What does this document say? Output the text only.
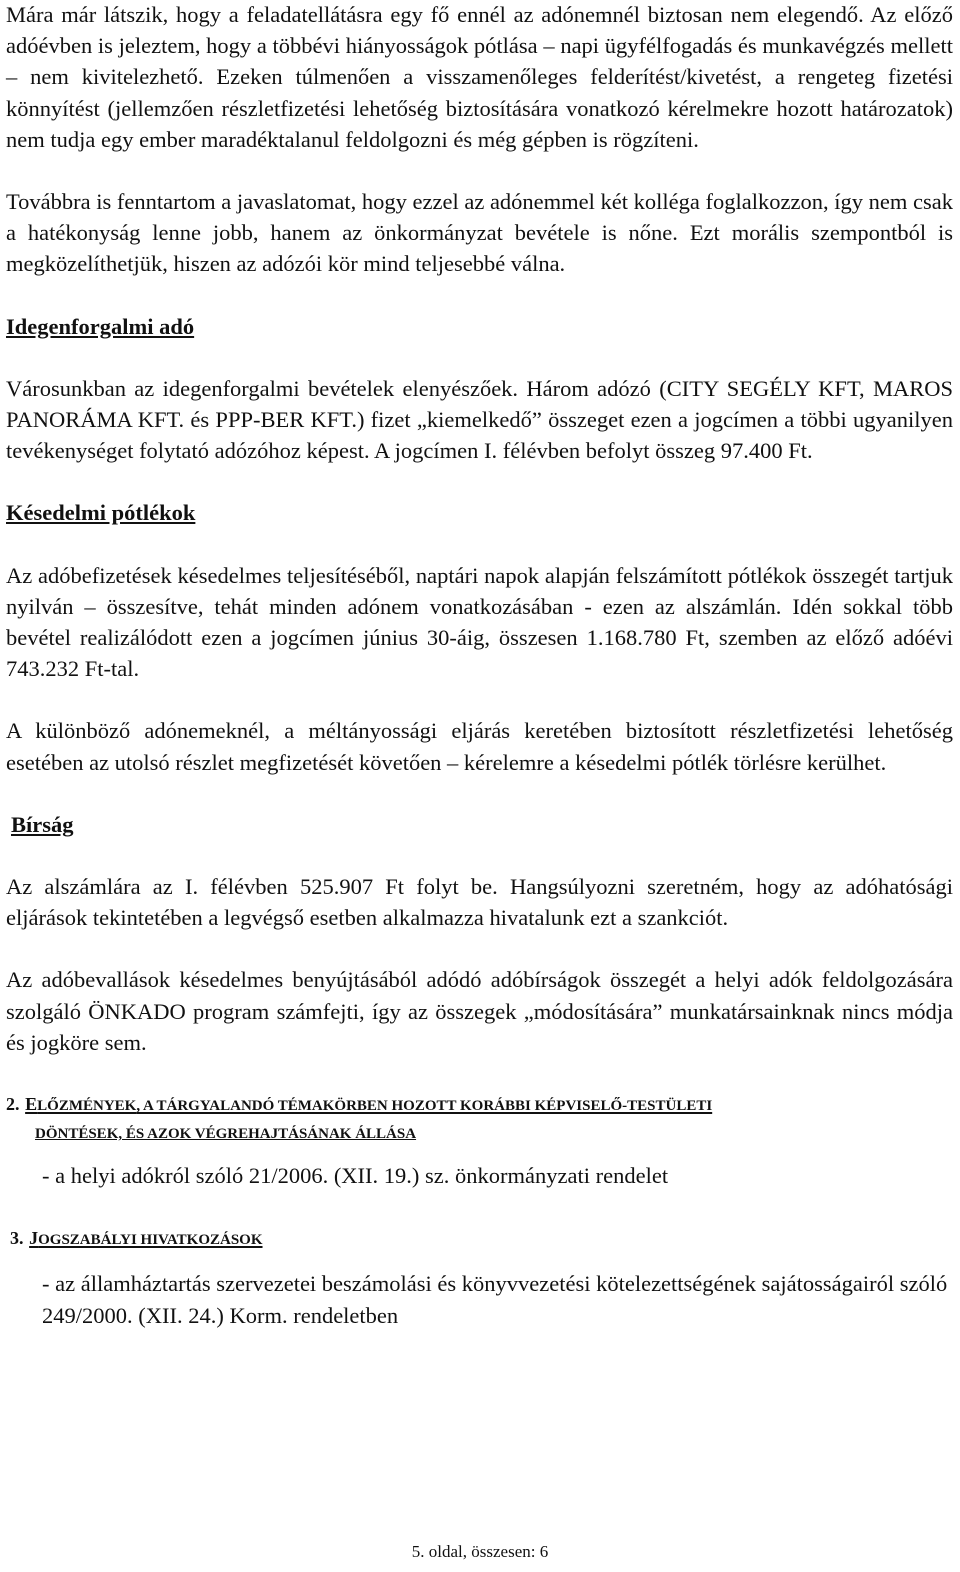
Mára már látszik, hogy a feladatellátásra egy fő ennél az adónemnél biztosan nem elegendő. Az előző adóévben is jeleztem, hogy a többévi hiányosságok pótlása – napi ügyfélfogadás és munkavégzés mellett – nem kivitelezhető. Ezeken túlmenően a visszamenőleges felderítést/kivetést, a rengeteg fizetési könnyítést (jellemzően részletfizetési lehetőség biztosítására vonatkozó kérelmekre hozott határozatok) nem tudja egy ember maradéktalanul feldolgozni és még gépben is rögzíteni.

Továbbra is fenntartom a javaslatomat, hogy ezzel az adónemmel két kolléga foglalkozzon, így nem csak a hatékonyság lenne jobb, hanem az önkormányzat bevétele is nőne. Ezt morális szempontból is megközelíthetjük, hiszen az adózói kör mind teljesebbé válna.

Idegenforgalmi adó

Városunkban az idegenforgalmi bevételek elenyészőek. Három adózó (CITY SEGÉLY KFT, MAROS PANORÁMA KFT. és PPP-BER KFT.) fizet „kiemelkedő” összeget ezen a jogcímen a többi ugyanilyen tevékenységet folytató adózóhoz képest. A jogcímen I. félévben befolyt összeg 97.400 Ft.

Késedelmi pótlékok

Az adóbefizetések késedelmes teljesítéséből, naptári napok alapján felszámított pótlékok összegét tartjuk nyilván – összesítve, tehát minden adónem vonatkozásában - ezen az alszámlán. Idén sokkal több bevétel realizálódott ezen a jogcímen június 30-áig, összesen 1.168.780 Ft, szemben az előző adóévi 743.232 Ft-tal.

A különböző adónemeknél, a méltányossági eljárás keretében biztosított részletfizetési lehetőség esetében az utolsó részlet megfizetését követően – kérelemre a késedelmi pótlék törlésre kerülhet.

Bírság

Az alszámlára az I. félévben 525.907 Ft folyt be. Hangsúlyozni szeretném, hogy az adóhatósági eljárások tekintetében a legvégső esetben alkalmazza hivatalunk ezt a szankciót.

Az adóbevallások késedelmes benyújtásából adódó adóbírságok összegét a helyi adók feldolgozására szolgáló ÖNKADO program számfejti, így az összegek „módosítására” munkatársainknak nincs módja és jogköre sem.

2. ELŐZMÉNYEK, A TÁRGYALANDÓ TÉMAKÖRBEN HOZOTT KORÁBBI KÉPVISELŐ-TESTÜLETI
DÖNTÉSEK, ÉS AZOK VÉGREHAJTÁSÁNAK ÁLLÁSA

- a helyi adókról szóló 21/2006. (XII. 19.) sz. önkormányzati rendelet

3. JOGSZABÁLYI HIVATKOZÁSOK

- az államháztartás szervezetei beszámolási és könyvvezetési kötelezettségének sajátosságairól szóló 249/2000. (XII. 24.) Korm. rendeletben

5. oldal, összesen: 6
